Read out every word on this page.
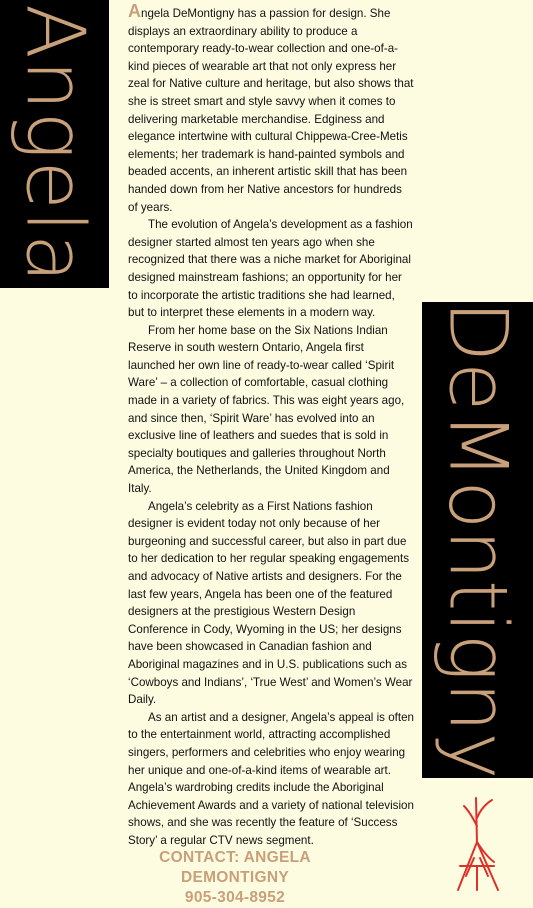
Angela
DeMontigny

Angela DeMontigny has a passion for design. She displays an extraordinary ability to produce a contemporary ready-to-wear collection and one-of-a-kind pieces of wearable art that not only express her zeal for Native culture and heritage, but also shows that she is street smart and style savvy when it comes to delivering marketable merchandise. Edginess and elegance intertwine with cultural Chippewa-Cree-Metis elements; her trademark is hand-painted symbols and beaded accents, an inherent artistic skill that has been handed down from her Native ancestors for hundreds of years.

The evolution of Angela’s development as a fashion designer started almost ten years ago when she recognized that there was a niche market for Aboriginal designed mainstream fashions; an opportunity for her to incorporate the artistic traditions she had learned, but to interpret these elements in a modern way.

From her home base on the Six Nations Indian Reserve in south western Ontario, Angela first launched her own line of ready-to-wear called ‘Spirit Ware’ – a collection of comfortable, casual clothing made in a variety of fabrics. This was eight years ago, and since then, ‘Spirit Ware’ has evolved into an exclusive line of leathers and suedes that is sold in specialty boutiques and galleries throughout North America, the Netherlands, the United Kingdom and Italy.

Angela’s celebrity as a First Nations fashion designer is evident today not only because of her burgeoning and successful career, but also in part due to her dedication to her regular speaking engagements and advocacy of Native artists and designers. For the last few years, Angela has been one of the featured designers at the prestigious Western Design Conference in Cody, Wyoming in the US; her designs have been showcased in Canadian fashion and Aboriginal magazines and in U.S. publications such as ‘Cowboys and Indians’, ‘True West’ and Women’s Wear Daily.

As an artist and a designer, Angela’s appeal is often to the entertainment world, attracting accomplished singers, performers and celebrities who enjoy wearing her unique and one-of-a-kind items of wearable art. Angela’s wardrobing credits include the Aboriginal Achievement Awards and a variety of national television shows, and she was recently the feature of ‘Success Story’ a regular CTV news segment.

CONTACT: ANGELA DEMONTIGNY
905-304-8952
